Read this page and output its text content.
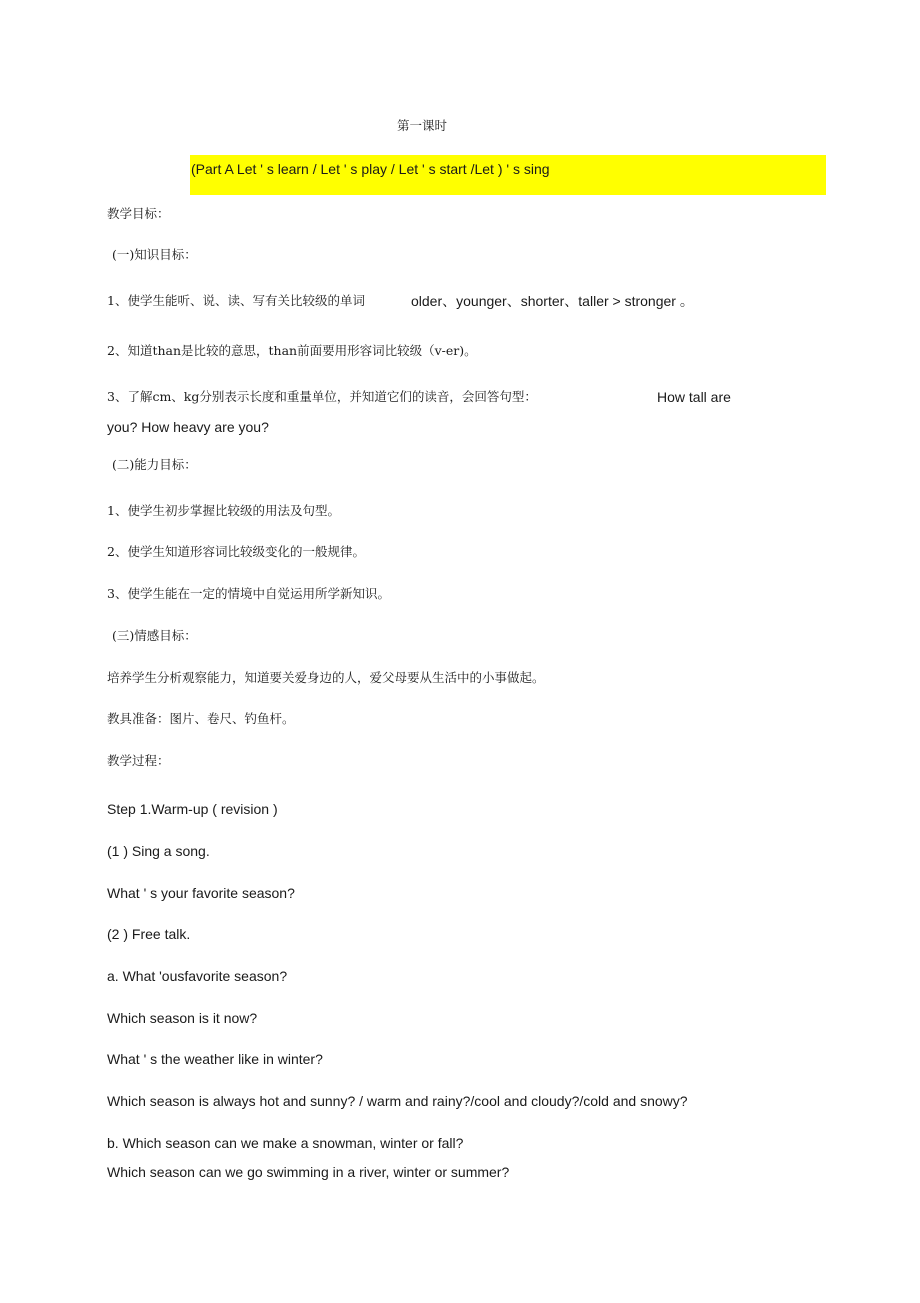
第一课时
(Part A Let ' s learn / Let ' s play / Let ' s start /Let ) ' s sing
教学目标：
(一)知识目标：
1、使学生能听、说、读、写有关比较级的单词	older、younger、shorter、taller > stronger 。
2、知道than是比较的意思，than前面要用形容词比较级（v-er)。
3、了解cm、kg分别表示长度和重量单位，并知道它们的读音，会回答句型：	How tall are
you? How heavy are you?
(二)能力目标：
1、使学生初步掌握比较级的用法及句型。
2、使学生知道形容词比较级变化的一般规律。
3、使学生能在一定的情境中自觉运用所学新知识。
(三)情感目标：
培养学生分析观察能力，知道要关爱身边的人，爱父母要从生活中的小事做起。
教具准备：图片、卷尺、钓鱼杆。
教学过程：
Step 1.Warm-up ( revision )
(1 ) Sing a song.
What ' s your favorite season?
(2 ) Free talk.
a. What 'ousfavorite season?
Which season is it now?
What ' s the weather like in winter?
Which season is always hot and sunny? / warm and rainy?/cool and cloudy?/cold and snowy?
b. Which season can we make a snowman, winter or fall?
Which season can we go swimming in a river, winter or summer?
